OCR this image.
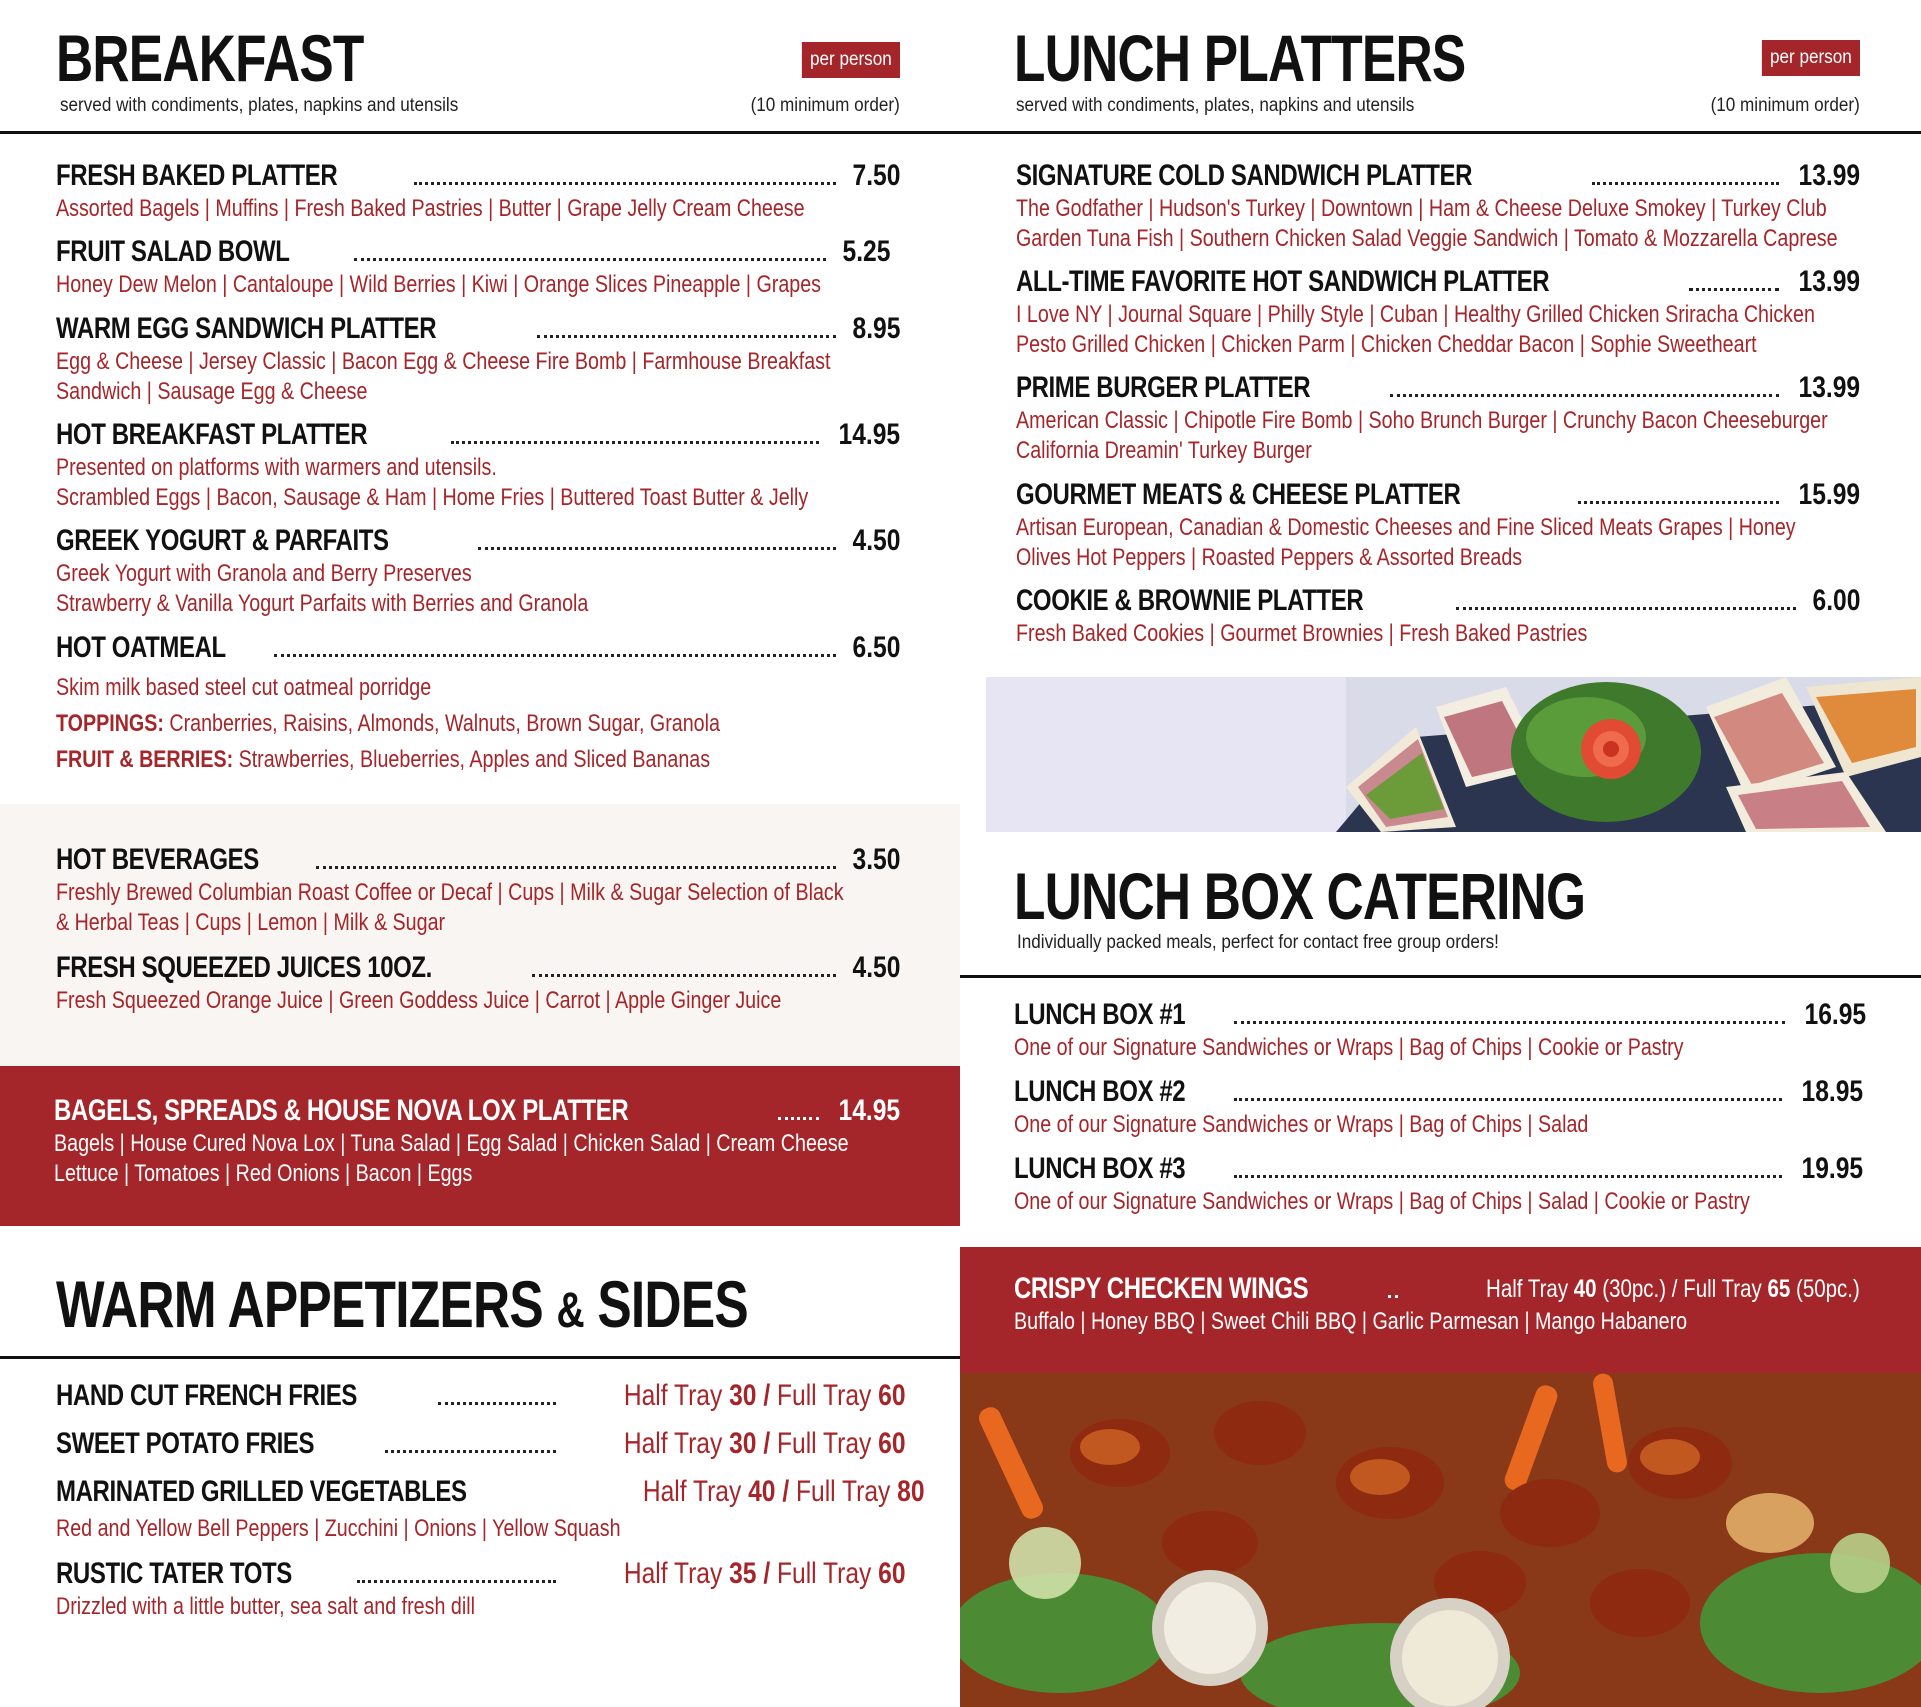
BREAKFAST	per person
served with condiments, plates, napkins and utensils	(10 minimum order)
FRESH BAKED PLATTER	7.50
Assorted Bagels | Muffins | Fresh Baked Pastries | Butter | Grape Jelly Cream Cheese
FRUIT SALAD BOWL	5.25
Honey Dew Melon | Cantaloupe | Wild Berries | Kiwi | Orange Slices Pineapple | Grapes
WARM EGG SANDWICH PLATTER	8.95
Egg & Cheese | Jersey Classic | Bacon Egg & Cheese Fire Bomb | Farmhouse Breakfast
Sandwich | Sausage Egg & Cheese
HOT BREAKFAST PLATTER	14.95
Presented on platforms with warmers and utensils.
Scrambled Eggs | Bacon, Sausage & Ham | Home Fries | Buttered Toast Butter & Jelly
GREEK YOGURT & PARFAITS	4.50
Greek Yogurt with Granola and Berry Preserves
Strawberry & Vanilla Yogurt Parfaits with Berries and Granola
HOT OATMEAL	6.50
Skim milk based steel cut oatmeal porridge
TOPPINGS: Cranberries, Raisins, Almonds, Walnuts, Brown Sugar, Granola
FRUIT & BERRIES: Strawberries, Blueberries, Apples and Sliced Bananas
HOT BEVERAGES	3.50
Freshly Brewed Columbian Roast Coffee or Decaf | Cups | Milk & Sugar Selection of Black
& Herbal Teas | Cups | Lemon | Milk & Sugar
FRESH SQUEEZED JUICES 10OZ.	4.50
Fresh Squeezed Orange Juice | Green Goddess Juice | Carrot | Apple Ginger Juice
BAGELS, SPREADS & HOUSE NOVA LOX PLATTER	14.95
Bagels | House Cured Nova Lox | Tuna Salad | Egg Salad | Chicken Salad | Cream Cheese
Lettuce | Tomatoes | Red Onions | Bacon | Eggs
WARM APPETIZERS & SIDES
HAND CUT FRENCH FRIES	Half Tray 30 / Full Tray 60
SWEET POTATO FRIES	Half Tray 30 / Full Tray 60
MARINATED GRILLED VEGETABLES	Half Tray 40 / Full Tray 80
Red and Yellow Bell Peppers | Zucchini | Onions | Yellow Squash
RUSTIC TATER TOTS	Half Tray 35 / Full Tray 60
Drizzled with a little butter, sea salt and fresh dill
LUNCH PLATTERS	per person
served with condiments, plates, napkins and utensils	(10 minimum order)
SIGNATURE COLD SANDWICH PLATTER	13.99
The Godfather | Hudson's Turkey | Downtown | Ham & Cheese Deluxe Smokey | Turkey Club
Garden Tuna Fish | Southern Chicken Salad Veggie Sandwich | Tomato & Mozzarella Caprese
ALL-TIME FAVORITE HOT SANDWICH PLATTER	13.99
I Love NY | Journal Square | Philly Style | Cuban | Healthy Grilled Chicken Sriracha Chicken
Pesto Grilled Chicken | Chicken Parm | Chicken Cheddar Bacon | Sophie Sweetheart
PRIME BURGER PLATTER	13.99
American Classic | Chipotle Fire Bomb | Soho Brunch Burger | Crunchy Bacon Cheeseburger
California Dreamin' Turkey Burger
GOURMET MEATS & CHEESE PLATTER	15.99
Artisan European, Canadian & Domestic Cheeses and Fine Sliced Meats Grapes | Honey
Olives Hot Peppers | Roasted Peppers & Assorted Breads
COOKIE & BROWNIE PLATTER	6.00
Fresh Baked Cookies | Gourmet Brownies | Fresh Baked Pastries
LUNCH BOX CATERING
Individually packed meals, perfect for contact free group orders!
LUNCH BOX #1	16.95
One of our Signature Sandwiches or Wraps | Bag of Chips | Cookie or Pastry
LUNCH BOX #2	18.95
One of our Signature Sandwiches or Wraps | Bag of Chips | Salad
LUNCH BOX #3	19.95
One of our Signature Sandwiches or Wraps | Bag of Chips | Salad | Cookie or Pastry
CRISPY CHECKEN WINGS	Half Tray 40 (30pc.) / Full Tray 65 (50pc.)
Buffalo | Honey BBQ | Sweet Chili BBQ | Garlic Parmesan | Mango Habanero
